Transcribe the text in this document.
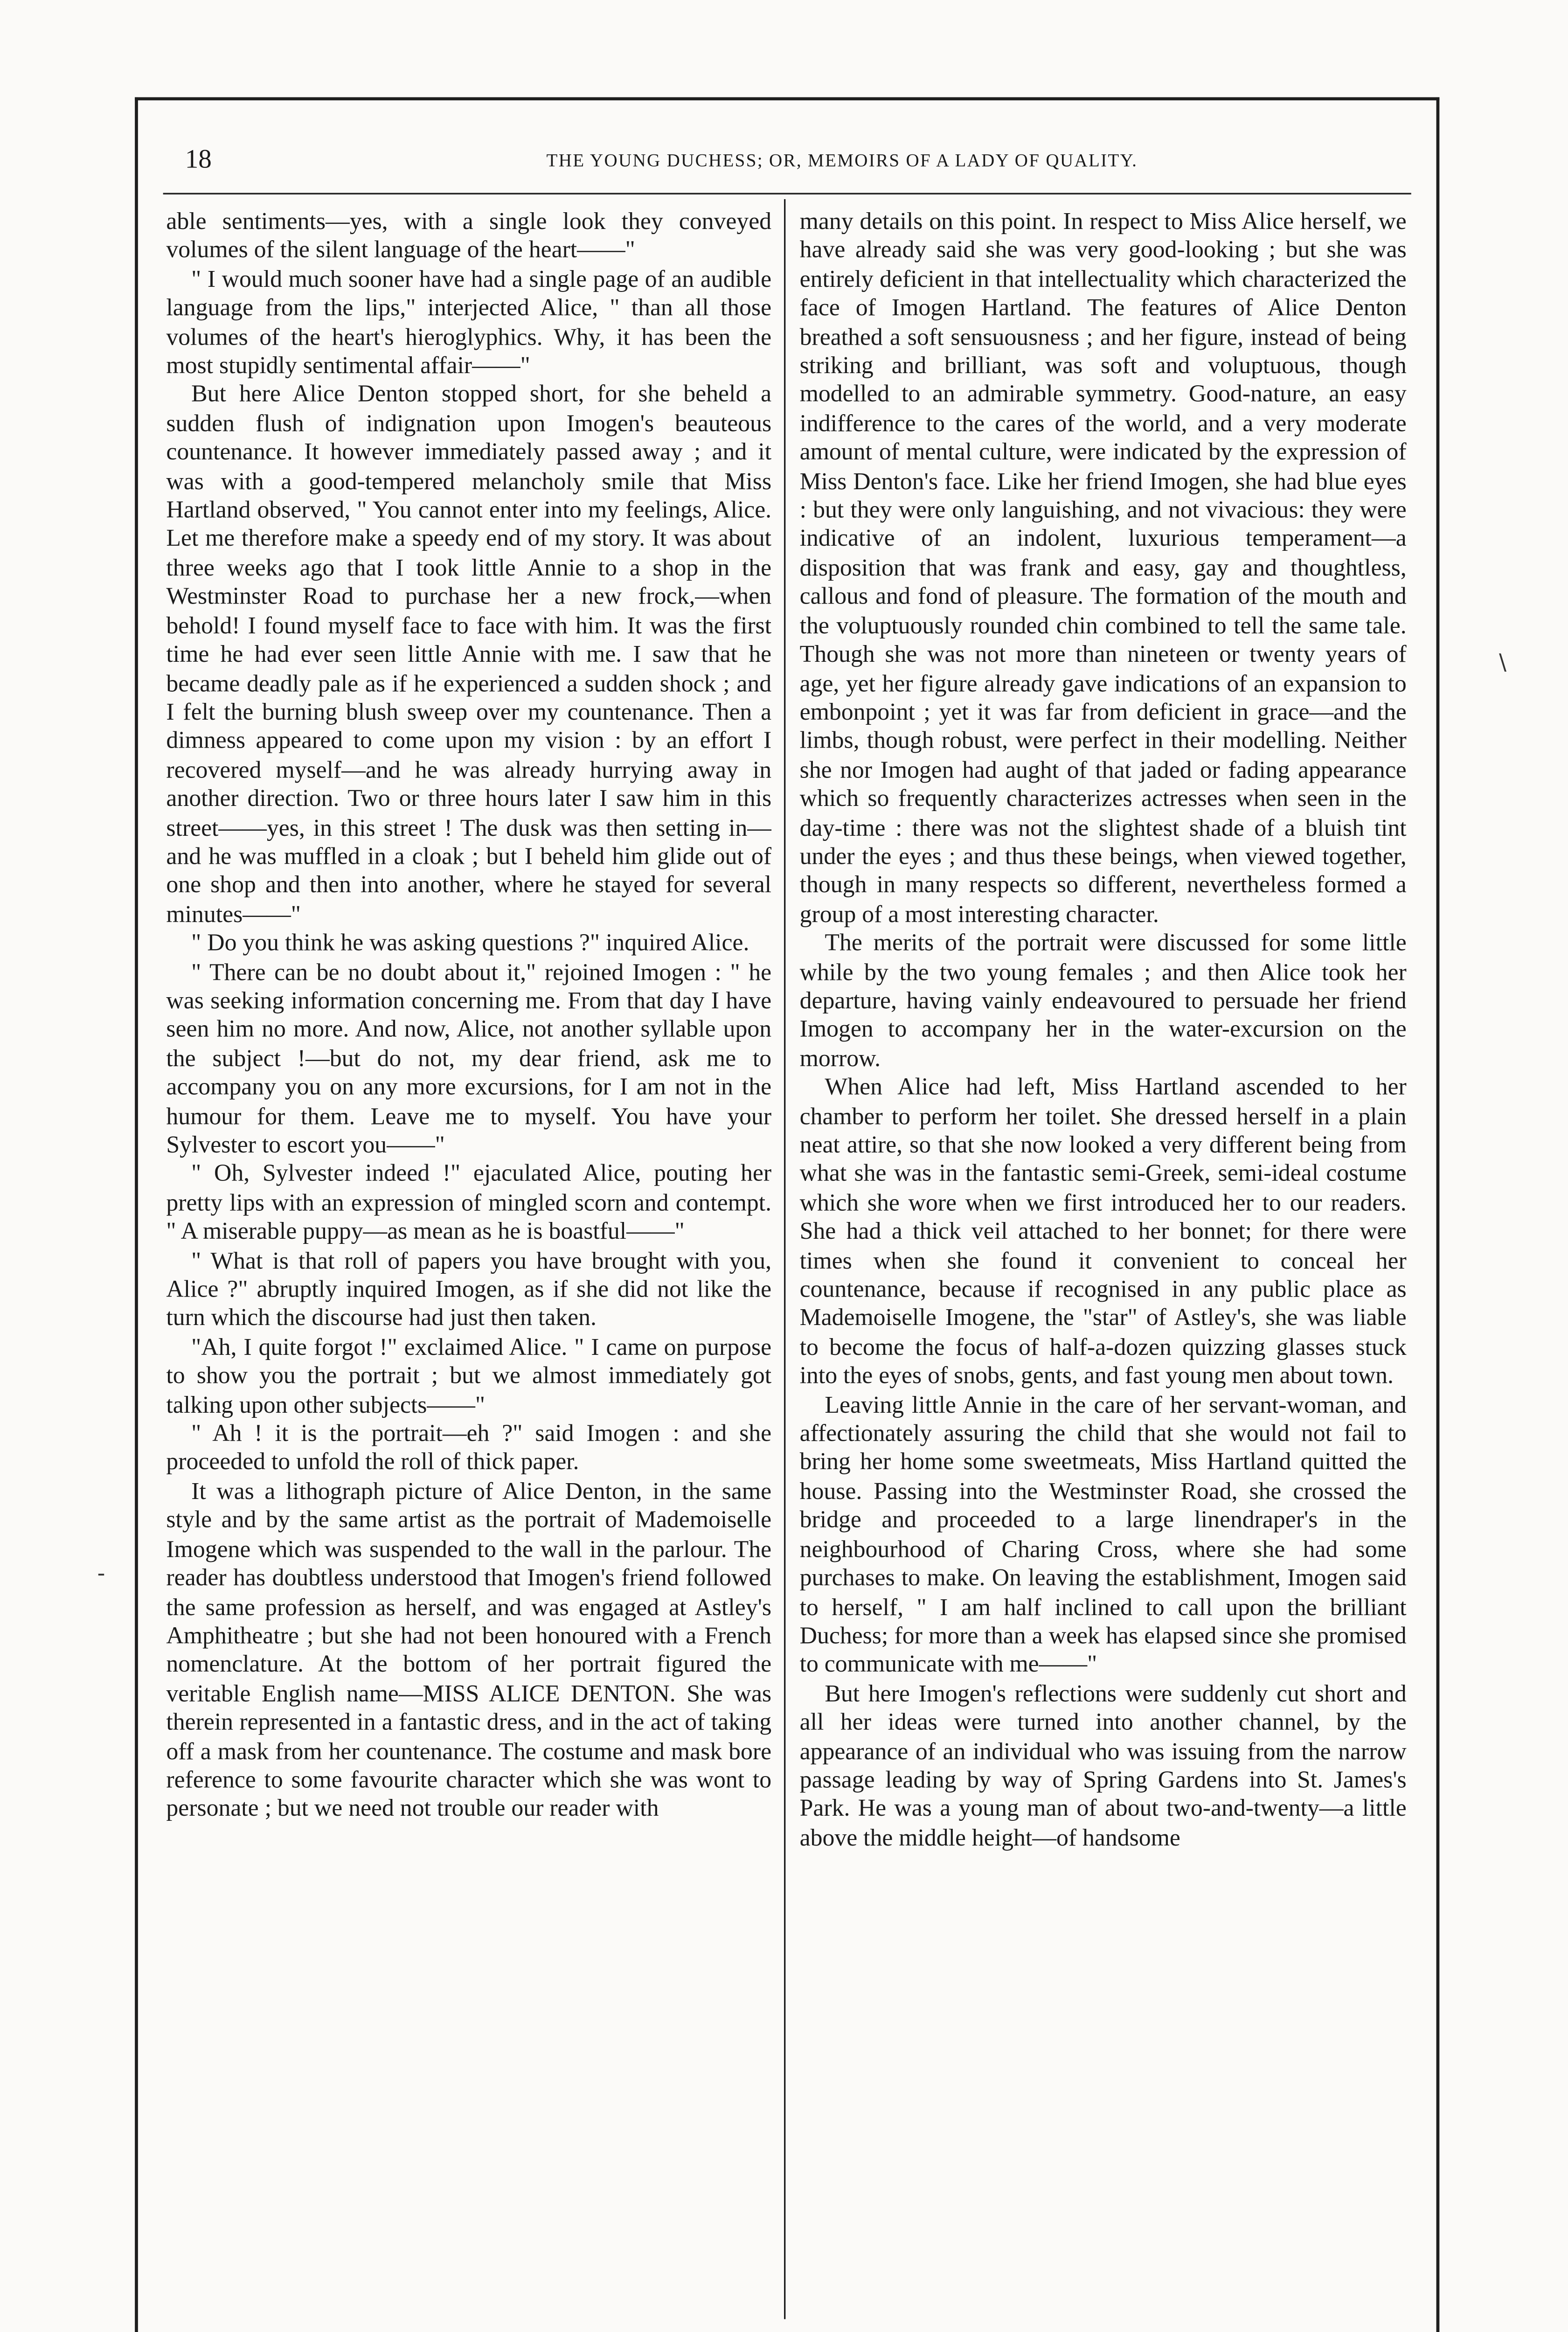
18	THE YOUNG DUCHESS; OR, MEMOIRS OF A LADY OF QUALITY.

able sentiments—yes, with a single look they conveyed volumes of the silent language of the heart——"

" I would much sooner have had a single page of an audible language from the lips," interjected Alice, " than all those volumes of the heart's hieroglyphics. Why, it has been the most stupidly sentimental affair——"

But here Alice Denton stopped short, for she beheld a sudden flush of indignation upon Imogen's beauteous countenance. It however immediately passed away ; and it was with a good-tempered melancholy smile that Miss Hartland observed, " You cannot enter into my feelings, Alice. Let me therefore make a speedy end of my story. It was about three weeks ago that I took little Annie to a shop in the Westminster Road to purchase her a new frock,—when behold! I found myself face to face with him. It was the first time he had ever seen little Annie with me. I saw that he became deadly pale as if he experienced a sudden shock ; and I felt the burning blush sweep over my countenance. Then a dimness appeared to come upon my vision : by an effort I recovered myself—and he was already hurrying away in another direction. Two or three hours later I saw him in this street——yes, in this street ! The dusk was then setting in—and he was muffled in a cloak ; but I beheld him glide out of one shop and then into another, where he stayed for several minutes——"

" Do you think he was asking questions ?" inquired Alice.

" There can be no doubt about it," rejoined Imogen : " he was seeking information concerning me. From that day I have seen him no more. And now, Alice, not another syllable upon the subject !—but do not, my dear friend, ask me to accompany you on any more excursions, for I am not in the humour for them. Leave me to myself. You have your Sylvester to escort you——"

" Oh, Sylvester indeed !" ejaculated Alice, pouting her pretty lips with an expression of mingled scorn and contempt. " A miserable puppy—as mean as he is boastful——"

" What is that roll of papers you have brought with you, Alice ?" abruptly inquired Imogen, as if she did not like the turn which the discourse had just then taken.

"Ah, I quite forgot !" exclaimed Alice. " I came on purpose to show you the portrait ; but we almost immediately got talking upon other subjects——"

" Ah ! it is the portrait—eh ?" said Imogen : and she proceeded to unfold the roll of thick paper.

It was a lithograph picture of Alice Denton, in the same style and by the same artist as the portrait of Mademoiselle Imogene which was suspended to the wall in the parlour. The reader has doubtless understood that Imogen's friend followed the same profession as herself, and was engaged at Astley's Amphitheatre ; but she had not been honoured with a French nomenclature. At the bottom of her portrait figured the veritable English name—MISS ALICE DENTON. She was therein represented in a fantastic dress, and in the act of taking off a mask from her countenance. The costume and mask bore reference to some favourite character which she was wont to personate ; but we need not trouble our reader with

many details on this point. In respect to Miss Alice herself, we have already said she was very good-looking ; but she was entirely deficient in that intellectuality which characterized the face of Imogen Hartland. The features of Alice Denton breathed a soft sensuousness ; and her figure, instead of being striking and brilliant, was soft and voluptuous, though modelled to an admirable symmetry. Good-nature, an easy indifference to the cares of the world, and a very moderate amount of mental culture, were indicated by the expression of Miss Denton's face. Like her friend Imogen, she had blue eyes : but they were only languishing, and not vivacious: they were indicative of an indolent, luxurious temperament—a disposition that was frank and easy, gay and thoughtless, callous and fond of pleasure. The formation of the mouth and the voluptuously rounded chin combined to tell the same tale. Though she was not more than nineteen or twenty years of age, yet her figure already gave indications of an expansion to embonpoint ; yet it was far from deficient in grace—and the limbs, though robust, were perfect in their modelling. Neither she nor Imogen had aught of that jaded or fading appearance which so frequently characterizes actresses when seen in the day-time : there was not the slightest shade of a bluish tint under the eyes ; and thus these beings, when viewed together, though in many respects so different, nevertheless formed a group of a most interesting character.

The merits of the portrait were discussed for some little while by the two young females ; and then Alice took her departure, having vainly endeavoured to persuade her friend Imogen to accompany her in the water-excursion on the morrow.

When Alice had left, Miss Hartland ascended to her chamber to perform her toilet. She dressed herself in a plain neat attire, so that she now looked a very different being from what she was in the fantastic semi-Greek, semi-ideal costume which she wore when we first introduced her to our readers. She had a thick veil attached to her bonnet; for there were times when she found it convenient to conceal her countenance, because if recognised in any public place as Mademoiselle Imogene, the "star" of Astley's, she was liable to become the focus of half-a-dozen quizzing glasses stuck into the eyes of snobs, gents, and fast young men about town.

Leaving little Annie in the care of her servant-woman, and affectionately assuring the child that she would not fail to bring her home some sweetmeats, Miss Hartland quitted the house. Passing into the Westminster Road, she crossed the bridge and proceeded to a large linendraper's in the neighbourhood of Charing Cross, where she had some purchases to make. On leaving the establishment, Imogen said to herself, " I am half inclined to call upon the brilliant Duchess; for more than a week has elapsed since she promised to communicate with me——"

But here Imogen's reflections were suddenly cut short and all her ideas were turned into another channel, by the appearance of an individual who was issuing from the narrow passage leading by way of Spring Gardens into St. James's Park. He was a young man of about two-and-twenty—a little above the middle height—of handsome

\
-
